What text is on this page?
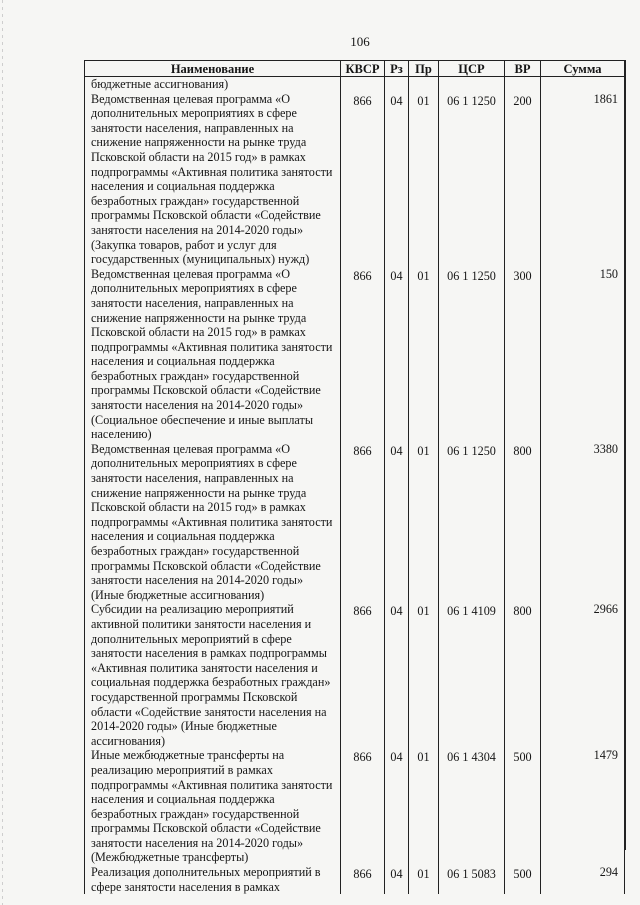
106
Наименование	КВСР	Рз	Пр	ЦСР	ВР	Сумма
бюджетные ассигнования)						
Ведомственная целевая программа «О дополнительных мероприятиях в сфере занятости населения, направленных на снижение напряженности на рынке труда Псковской области на 2015 год» в рамках подпрограммы «Активная политика занятости населения и социальная поддержка безработных граждан» государственной программы Псковской области «Содействие занятости населения на 2014-2020 годы» (Закупка товаров, работ и услуг для государственных (муниципальных) нужд)	866	04	01	06 1 1250	200	1861
Ведомственная целевая программа «О дополнительных мероприятиях в сфере занятости населения, направленных на снижение напряженности на рынке труда Псковской области на 2015 год» в рамках подпрограммы «Активная политика занятости населения и социальная поддержка безработных граждан» государственной программы Псковской области «Содействие занятости населения на 2014-2020 годы» (Социальное обеспечение и иные выплаты населению)	866	04	01	06 1 1250	300	150
Ведомственная целевая программа «О дополнительных мероприятиях в сфере занятости населения, направленных на снижение напряженности на рынке труда Псковской области на 2015 год» в рамках подпрограммы «Активная политика занятости населения и социальная поддержка безработных граждан» государственной программы Псковской области «Содействие занятости населения на 2014-2020 годы» (Иные бюджетные ассигнования)	866	04	01	06 1 1250	800	3380
Субсидии на реализацию мероприятий активной политики занятости населения и дополнительных мероприятий в сфере занятости населения в рамках подпрограммы «Активная политика занятости населения и социальная поддержка безработных граждан» государственной программы Псковской области «Содействие занятости населения на 2014-2020 годы» (Иные бюджетные ассигнования)	866	04	01	06 1 4109	800	2966
Иные межбюджетные трансферты на реализацию мероприятий в рамках подпрограммы «Активная политика занятости населения и социальная поддержка безработных граждан» государственной программы Псковской области «Содействие занятости населения на 2014-2020 годы» (Межбюджетные трансферты)	866	04	01	06 1 4304	500	1479
Реализация дополнительных мероприятий в сфере занятости населения в рамках	866	04	01	06 1 5083	500	294
